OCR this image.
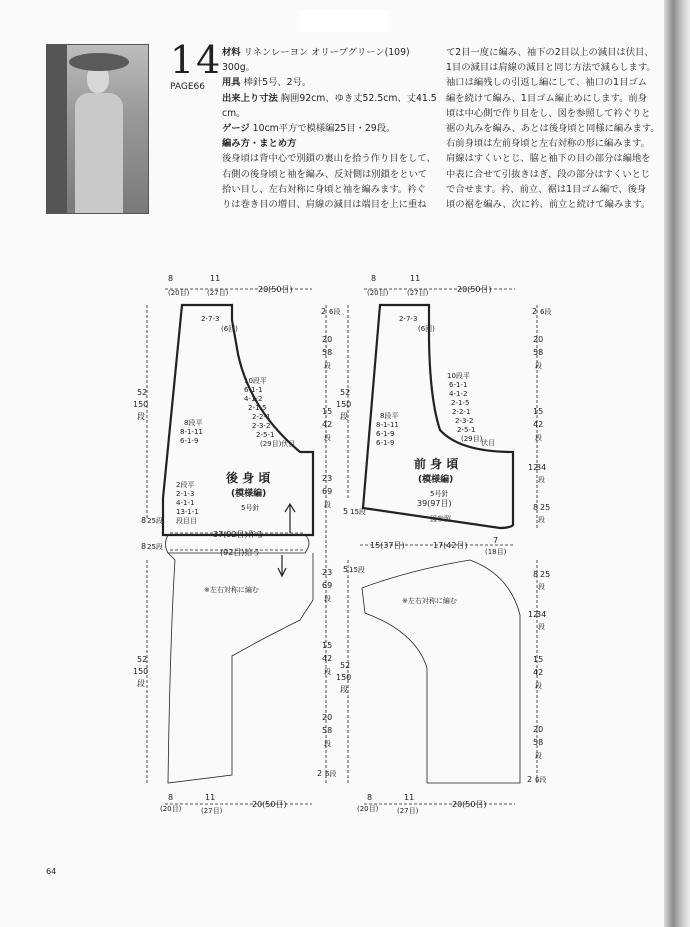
14
PAGE66
材料 リネンレーヨン オリーブグリーン(109)
300g。
用具 棒針5号、2号。
出来上り寸法 胸囲92cm、ゆき丈52.5cm、丈41.5
cm。
ゲージ 10cm平方で模様編25目・29段。
編み方・まとめ方
後身頃は背中心で別鎖の裏山を拾う作り目をして、
右側の後身頃と袖を編み、反対側は別鎖をといて
拾い目し、左右対称に身頃と袖を編みます。衿ぐ
りは巻き目の増目、肩線の減目は端目を上に重ね
て2目一度に編み、袖下の2目以上の減目は伏目、
1目の減目は肩線の減目と同じ方法で減らします。
袖口は編残しの引返し編にして、袖口の1目ゴム
編を続けて編み、1目ゴム編止めにします。前身
頃は中心側で作り目をし、図を参照して衿ぐりと
裾の丸みを編み、あとは後身頃と同様に編みます。
右前身頃は左前身頃と左右対称の形に編みます。
肩線はすくいとじ、脇と袖下の目の部分は編地を
中表に合せて引抜きはぎ、段の部分はすくいとじ
で合せます。衿、前立、裾は1目ゴム編で、後身
頃の裾を編み、次に衿、前立と続けて編みます。
8
(20目)
11
(27目)	20(50目)
8
(20目)
11
(27目)	20(50目)
8
(20目)
11
(27目)
20(50目)
8
(20目)
11
(27目)
20(50目)
15(37目)	17(42目)
7
(18目)
37(92目)作る
(92目)拾う
52
150
段
8 25段
8 25段
52
150
段
2 6段
20
58
段
15
42
段
23
69
段
23
69
段
15
42
段
20
58
段
2 6段
52
150
段
5 15段
5 15段
52
150
段
2 6段
20
58
段
15
42
段
12
34
段
8 25
段
8 25
段
12
34
段
15
42
段
20
58
段
2 6段
2-7-3
(6回)
10段平
6-1-1
4-1-2
2-1-5
2-2-1
2-3-2
2-5-1
(29目)伏目
8段平
8-1-11
6-1-9
2段平
2-1-3
4-1-1
13-1-1
段目目
2-7-3
(6回)
10段平
6-1-1
4-1-2
2-1-5
2-2-1
2-3-2
2-5-1
(29目)
伏目
8段平
8-1-11
6-1-9
6-1-9
後 身 頃
(模様編)
5号針
前 身 頃
(模様編)
5号針
39(97目)
図参照
※左右対称に編む
※左右対称に編む
64
